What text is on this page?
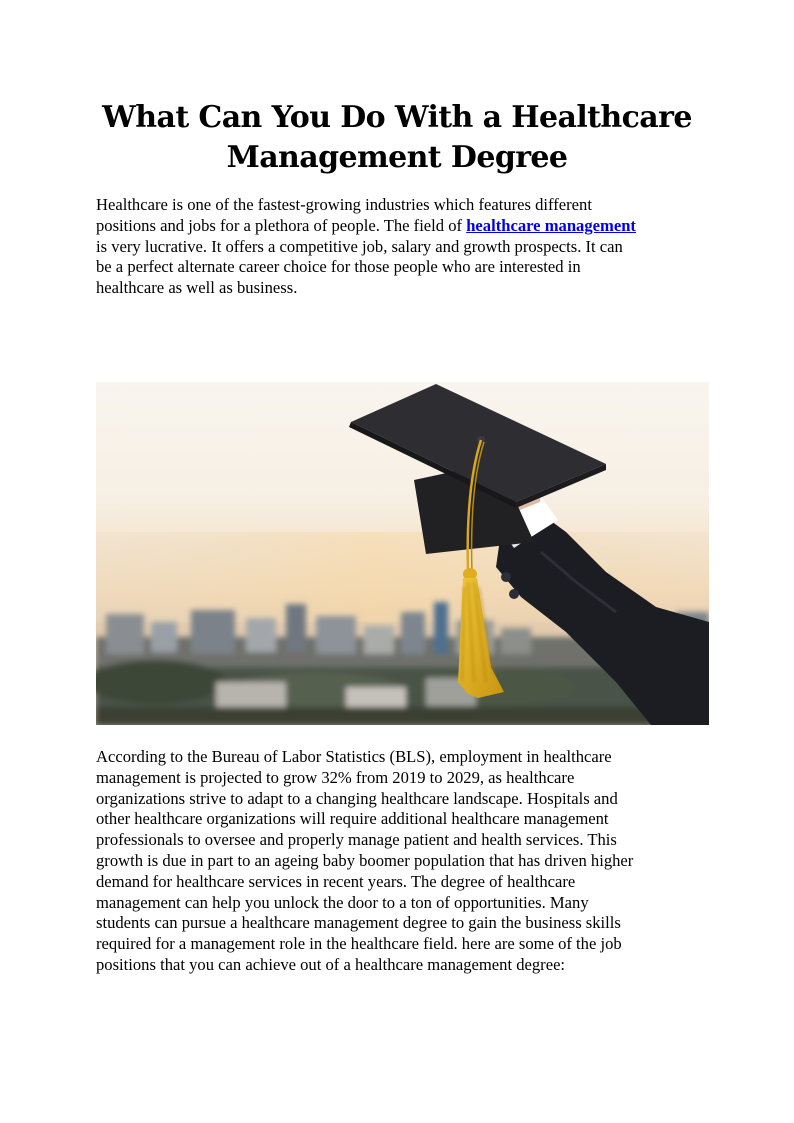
What Can You Do With a Healthcare
Management Degree
Healthcare is one of the fastest-growing industries which features different
positions and jobs for a plethora of people. The field of healthcare management
is very lucrative. It offers a competitive job, salary and growth prospects. It can
be a perfect alternate career choice for those people who are interested in
healthcare as well as business.
According to the Bureau of Labor Statistics (BLS), employment in healthcare
management is projected to grow 32% from 2019 to 2029, as healthcare
organizations strive to adapt to a changing healthcare landscape. Hospitals and
other healthcare organizations will require additional healthcare management
professionals to oversee and properly manage patient and health services. This
growth is due in part to an ageing baby boomer population that has driven higher
demand for healthcare services in recent years. The degree of healthcare
management can help you unlock the door to a ton of opportunities. Many
students can pursue a healthcare management degree to gain the business skills
required for a management role in the healthcare field. here are some of the job
positions that you can achieve out of a healthcare management degree:
